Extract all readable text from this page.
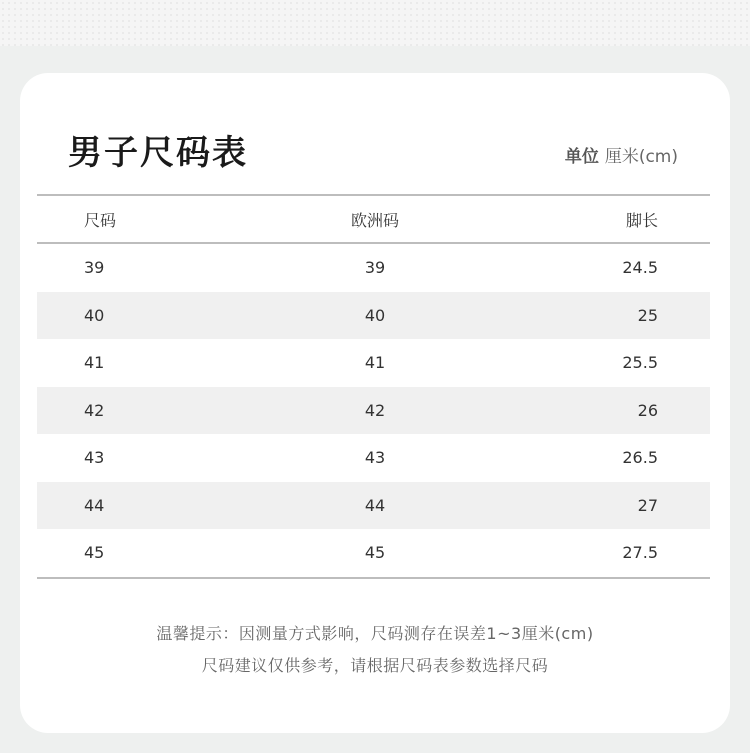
男子尺码表	单位 厘米(cm)
尺码	欧洲码	脚长
39	39	24.5
40	40	25
41	41	25.5
42	42	26
43	43	26.5
44	44	27
45	45	27.5
温馨提示：因测量方式影响，尺码测存在误差1~3厘米(cm)
尺码建议仅供参考，请根据尺码表参数选择尺码
